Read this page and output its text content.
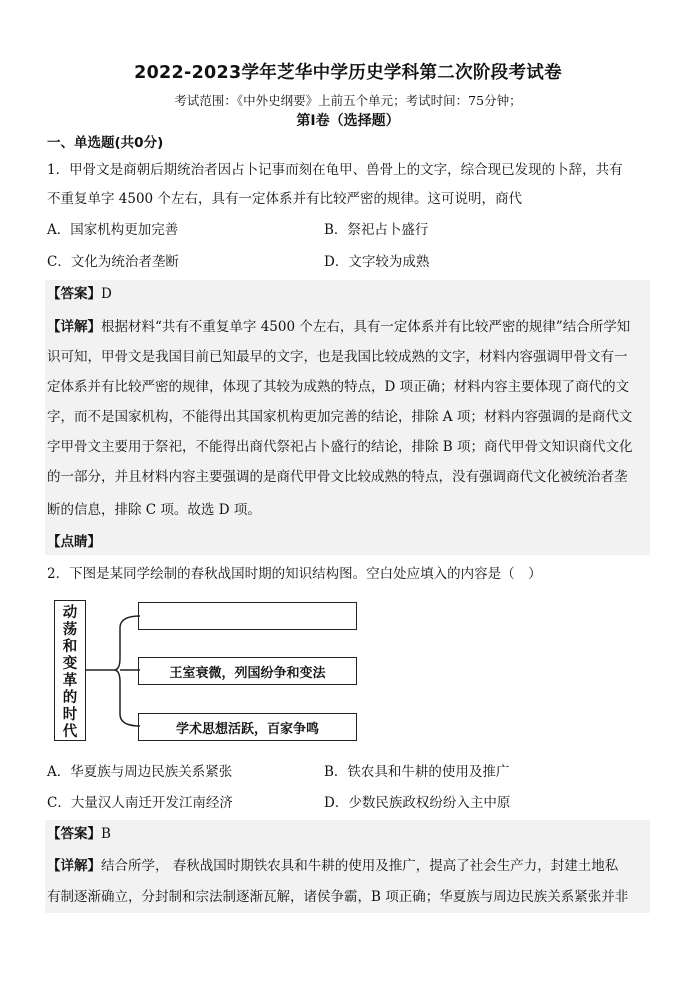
2022-2023学年芝华中学历史学科第二次阶段考试卷
考试范围：《中外史纲要》上前五个单元；考试时间：75分钟；
第I卷（选择题）
一、单选题(共0分)
1．甲骨文是商朝后期统治者因占卜记事而刻在龟甲、兽骨上的文字，综合现已发现的卜辞，共有
不重复单字 4500 个左右，具有一定体系并有比较严密的规律。这可说明，商代
A．国家机构更加完善	B．祭祀占卜盛行
C．文化为统治者垄断	D．文字较为成熟
【答案】D
【详解】根据材料“共有不重复单字 4500 个左右，具有一定体系并有比较严密的规律”结合所学知
识可知，甲骨文是我国目前已知最早的文字，也是我国比较成熟的文字，材料内容强调甲骨文有一
定体系并有比较严密的规律，体现了其较为成熟的特点，D 项正确；材料内容主要体现了商代的文
字，而不是国家机构，不能得出其国家机构更加完善的结论，排除 A 项；材料内容强调的是商代文
字甲骨文主要用于祭祀，不能得出商代祭祀占卜盛行的结论，排除 B 项；商代甲骨文知识商代文化
的一部分，并且材料内容主要强调的是商代甲骨文比较成熟的特点，没有强调商代文化被统治者垄
断的信息，排除 C 项。故选 D 项。
【点睛】
2．下图是某同学绘制的春秋战国时期的知识结构图。空白处应填入的内容是（　）
动
荡
和
变
革
的
时
代
王室衰微，列国纷争和变法
学术思想活跃，百家争鸣
A．华夏族与周边民族关系紧张	B．铁农具和牛耕的使用及推广
C．大量汉人南迁开发江南经济	D．少数民族政权纷纷入主中原
【答案】B
【详解】结合所学， 春秋战国时期铁农具和牛耕的使用及推广，提高了社会生产力，封建土地私
有制逐渐确立，分封制和宗法制逐渐瓦解，诸侯争霸，B 项正确；华夏族与周边民族关系紧张并非
